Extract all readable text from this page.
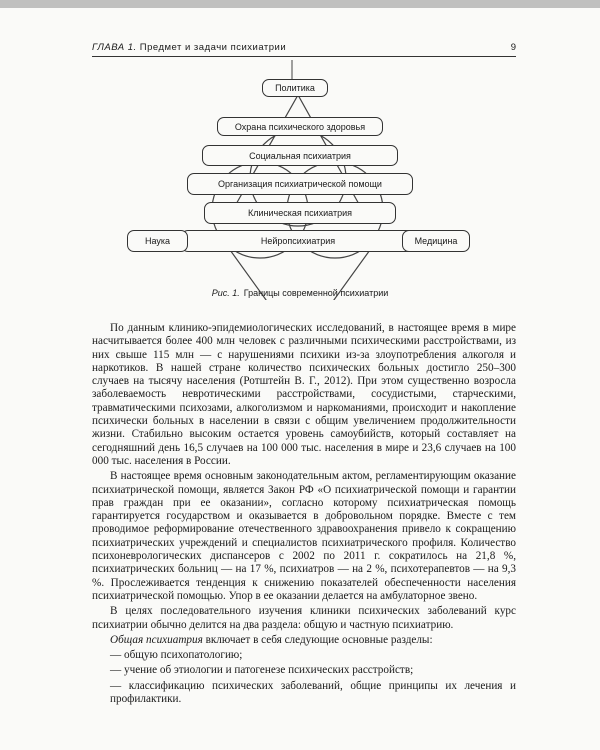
ГЛАВА 1. Предмет и задачи психиатрии	9
Политика
Охрана психического здоровья
Социальная психиатрия
Организация психиатрической помощи
Клиническая психиатрия
Нейропсихиатрия
Наука	Медицина
Рис. 1. Границы современной психиатрии

По данным клинико-эпидемиологических исследований, в настоящее время в мире насчитывается более 400 млн человек с различными психическими расстройствами, из них свыше 115 млн — с нарушениями психики из-за злоупотребления алкоголя и наркотиков. В нашей стране количество психических больных достигло 250–300 случаев на тысячу населения (Ротштейн В. Г., 2012). При этом существенно возросла заболеваемость невротическими расстройствами, сосудистыми, старческими, травматическими психозами, алкоголизмом и наркоманиями, происходит и накопление психически больных в населении в связи с общим увеличением продолжительности жизни. Стабильно высоким остается уровень самоубийств, который составляет на сегодняшний день 16,5 случаев на 100 000 тыс. населения в мире и 23,6 случаев на 100 000 тыс. населения в России.

В настоящее время основным законодательным актом, регламентирующим оказание психиатрической помощи, является Закон РФ «О психиатрической помощи и гарантии прав граждан при ее оказании», согласно которому психиатрическая помощь гарантируется государством и оказывается в добровольном порядке. Вместе с тем проводимое реформирование отечественного здравоохранения привело к сокращению психиатрических учреждений и специалистов психиатрического профиля. Количество психоневрологических диспансеров с 2002 по 2011 г. сократилось на 21,8 %, психиатрических больниц — на 17 %, психиатров — на 2 %, психотерапевтов — на 9,3 %. Прослеживается тенденция к снижению показателей обеспеченности населения психиатрической помощью. Упор в ее оказании делается на амбулаторное звено.

В целях последовательного изучения клиники психических заболеваний курс психиатрии обычно делится на два раздела: общую и частную психиатрию.

Общая психиатрия включает в себя следующие основные разделы:

— общую психопатологию;

— учение об этиологии и патогенезе психических расстройств;

— классификацию психических заболеваний, общие принципы их лечения и профилактики.
